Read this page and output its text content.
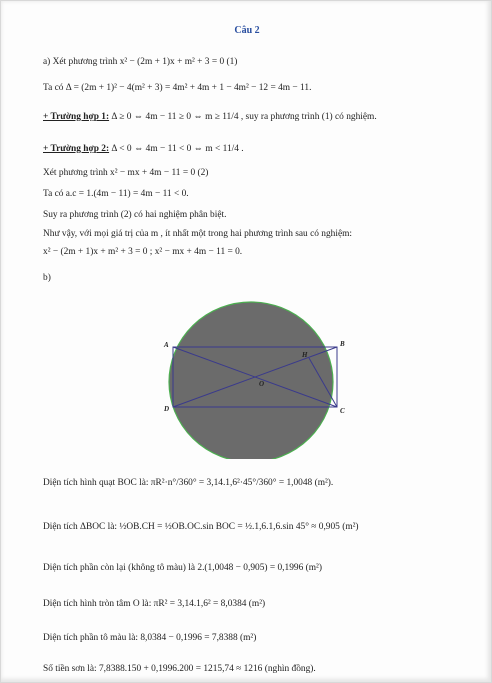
Câu 2
a) Xét phương trình x² − (2m + 1)x + m² + 3 = 0 (1)
Ta có Δ = (2m + 1)² − 4(m² + 3) = 4m² + 4m + 1 − 4m² − 12 = 4m − 11.
+ Trường hợp 1: Δ ≥ 0 ⇔ 4m − 11 ≥ 0 ⇔ m ≥ 11/4 , suy ra phương trình (1) có nghiệm.
+ Trường hợp 2: Δ < 0 ⇔ 4m − 11 < 0 ⇔ m < 11/4 .
Xét phương trình x² − mx + 4m − 11 = 0 (2)
Ta có a.c = 1.(4m − 11) = 4m − 11 < 0.
Suy ra phương trình (2) có hai nghiệm phân biệt.
Như vậy, với mọi giá trị của m , ít nhất một trong hai phương trình sau có nghiệm:
x² − (2m + 1)x + m² + 3 = 0 ; x² − mx + 4m − 11 = 0.
b)
A	B
C
D
O
H
Diện tích hình quạt BOC là: πR²·n°/360° = 3,14.1,6²·45°/360° = 1,0048 (m²).
Diện tích ΔBOC là: ½OB.CH = ½OB.OC.sin BOC = ½.1,6.1,6.sin 45° ≈ 0,905 (m²)
Diện tích phần còn lại (không tô màu) là 2.(1,0048 − 0,905) = 0,1996 (m²)
Diện tích hình tròn tâm O là: πR² = 3,14.1,6² = 8,0384 (m²)
Diện tích phần tô màu là: 8,0384 − 0,1996 = 7,8388 (m²)
Số tiền sơn là: 7,8388.150 + 0,1996.200 = 1215,74 ≈ 1216 (nghìn đồng).
